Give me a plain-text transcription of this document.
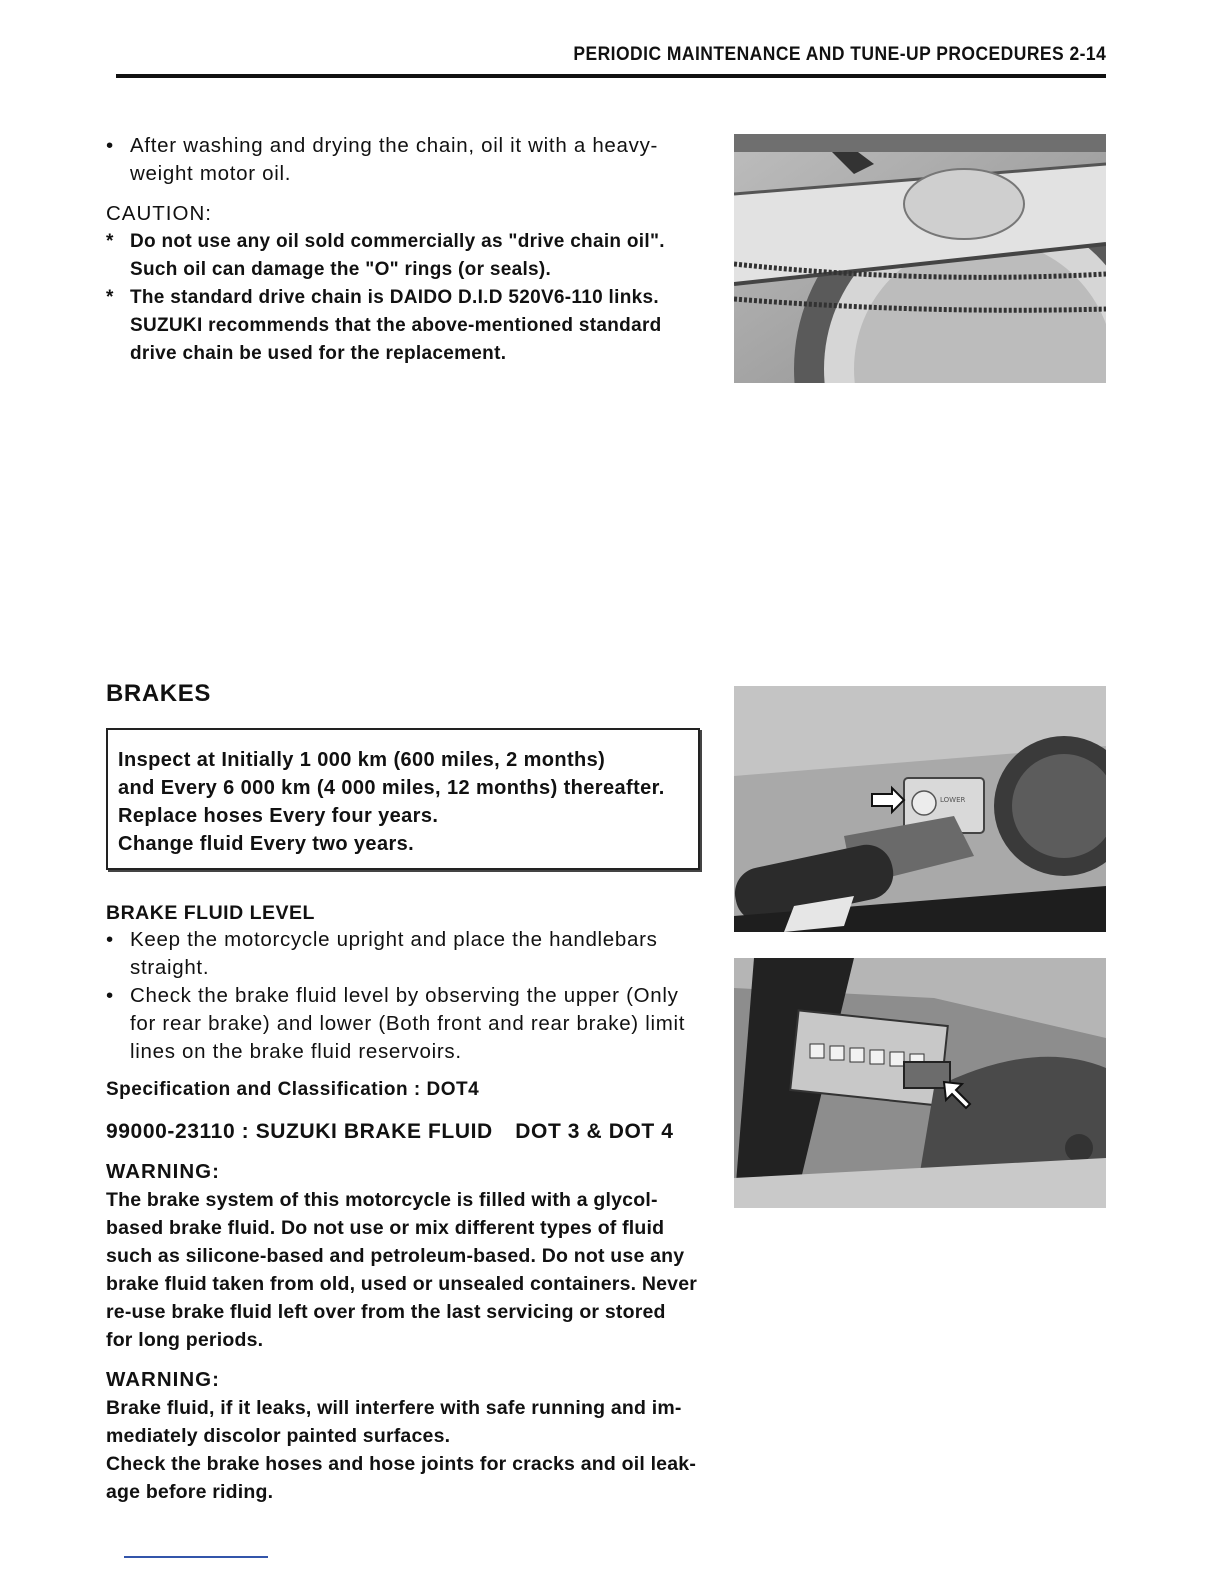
PERIODIC MAINTENANCE AND TUNE-UP PROCEDURES 2-14
• After washing and drying the chain, oil it with a heavy-
weight motor oil.
CAUTION:
* Do not use any oil sold commercially as "drive chain oil".
Such oil can damage the "O" rings (or seals).
* The standard drive chain is DAIDO D.I.D 520V6-110 links.
SUZUKI recommends that the above-mentioned standard
drive chain be used for the replacement.
BRAKES
Inspect at Initially 1 000 km (600 miles, 2 months)
and Every 6 000 km (4 000 miles, 12 months) thereafter.
Replace hoses Every four years.
Change fluid Every two years.
BRAKE FLUID LEVEL
• Keep the motorcycle upright and place the handlebars
straight.
• Check the brake fluid level by observing the upper (Only
for rear brake) and lower (Both front and rear brake) limit
lines on the brake fluid reservoirs.
Specification and Classification : DOT4
99000-23110 : SUZUKI BRAKE FLUID DOT 3 & DOT 4
WARNING:

The brake system of this motorcycle is filled with a glycol-

based brake fluid. Do not use or mix different types of fluid

such as silicone-based and petroleum-based. Do not use any

brake fluid taken from old, used or unsealed containers. Never

re-use brake fluid left over from the last servicing or stored

for long periods.

WARNING:

Brake fluid, if it leaks, will interfere with safe running and im-

mediately discolor painted surfaces.

Check the brake hoses and hose joints for cracks and oil leak-

age before riding.

LOWER
